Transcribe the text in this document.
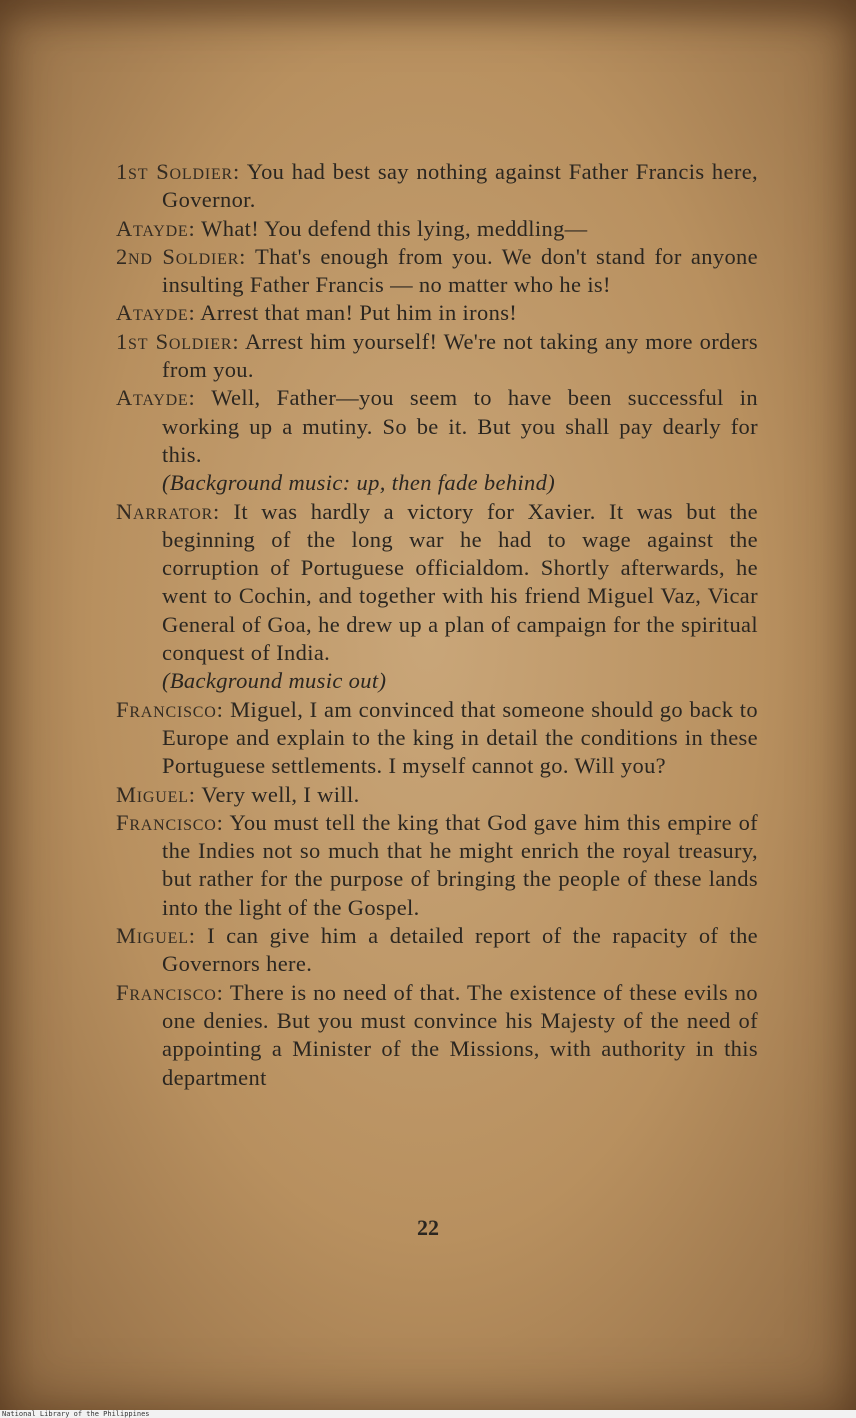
1st Soldier: You had best say nothing against Father Francis here, Governor.

Atayde: What! You defend this lying, meddling—

2nd Soldier: That's enough from you. We don't stand for anyone insulting Father Francis — no matter who he is!

Atayde: Arrest that man! Put him in irons!

1st Soldier: Arrest him yourself! We're not taking any more orders from you.

Atayde: Well, Father—you seem to have been successful in working up a mutiny. So be it. But you shall pay dearly for this.

(Background music: up, then fade behind)

Narrator: It was hardly a victory for Xavier. It was but the beginning of the long war he had to wage against the corruption of Portuguese officialdom. Shortly afterwards, he went to Cochin, and together with his friend Miguel Vaz, Vicar General of Goa, he drew up a plan of campaign for the spiritual conquest of India.

(Background music out)

Francisco: Miguel, I am convinced that someone should go back to Europe and explain to the king in detail the conditions in these Portuguese settlements. I myself cannot go. Will you?

Miguel: Very well, I will.

Francisco: You must tell the king that God gave him this empire of the Indies not so much that he might enrich the royal treasury, but rather for the purpose of bringing the people of these lands into the light of the Gospel.

Miguel: I can give him a detailed report of the rapacity of the Governors here.

Francisco: There is no need of that. The existence of these evils no one denies. But you must convince his Majesty of the need of appointing a Minister of the Missions, with authority in this department

22
National Library of the Philippines
